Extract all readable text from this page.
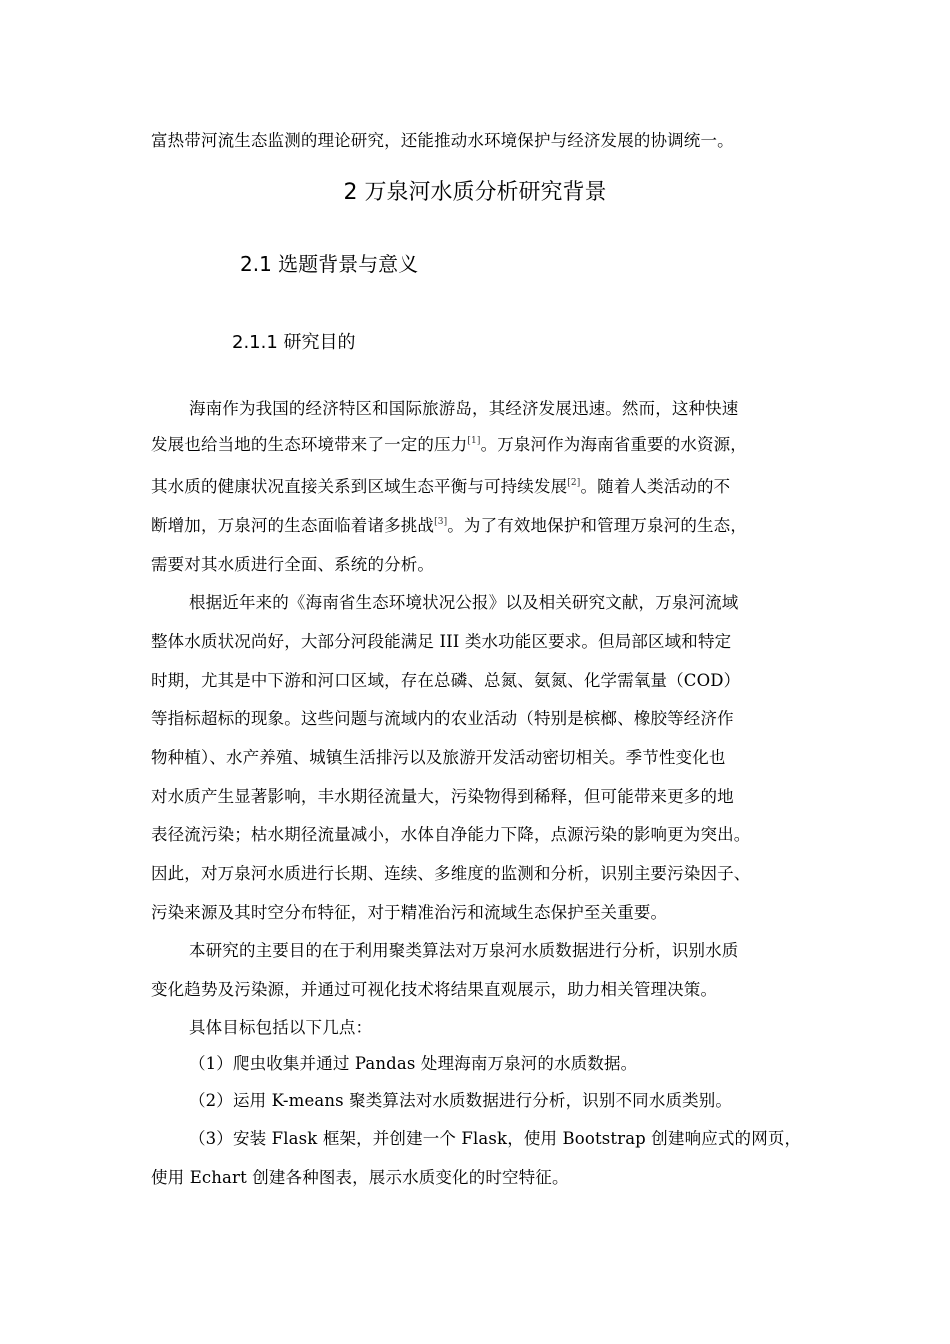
富热带河流生态监测的理论研究，还能推动水环境保护与经济发展的协调统一。
2 万泉河水质分析研究背景
2.1 选题背景与意义
2.1.1 研究目的
海南作为我国的经济特区和国际旅游岛，其经济发展迅速。然而，这种快速
发展也给当地的生态环境带来了一定的压力[1]。万泉河作为海南省重要的水资源，
其水质的健康状况直接关系到区域生态平衡与可持续发展[2]。随着人类活动的不
断增加，万泉河的生态面临着诸多挑战[3]。为了有效地保护和管理万泉河的生态，
需要对其水质进行全面、系统的分析。
根据近年来的《海南省生态环境状况公报》以及相关研究文献，万泉河流域
整体水质状况尚好，大部分河段能满足 III 类水功能区要求。但局部区域和特定
时期，尤其是中下游和河口区域，存在总磷、总氮、氨氮、化学需氧量（COD）
等指标超标的现象。这些问题与流域内的农业活动（特别是槟榔、橡胶等经济作
物种植）、水产养殖、城镇生活排污以及旅游开发活动密切相关。季节性变化也
对水质产生显著影响，丰水期径流量大，污染物得到稀释，但可能带来更多的地
表径流污染；枯水期径流量减小，水体自净能力下降，点源污染的影响更为突出。
因此，对万泉河水质进行长期、连续、多维度的监测和分析，识别主要污染因子、
污染来源及其时空分布特征，对于精准治污和流域生态保护至关重要。
本研究的主要目的在于利用聚类算法对万泉河水质数据进行分析，识别水质
变化趋势及污染源，并通过可视化技术将结果直观展示，助力相关管理决策。
具体目标包括以下几点：
（1）爬虫收集并通过 Pandas 处理海南万泉河的水质数据。
（2）运用 K-means 聚类算法对水质数据进行分析，识别不同水质类别。
（3）安装 Flask 框架，并创建一个 Flask，使用 Bootstrap 创建响应式的网页，
使用 Echart 创建各种图表，展示水质变化的时空特征。
